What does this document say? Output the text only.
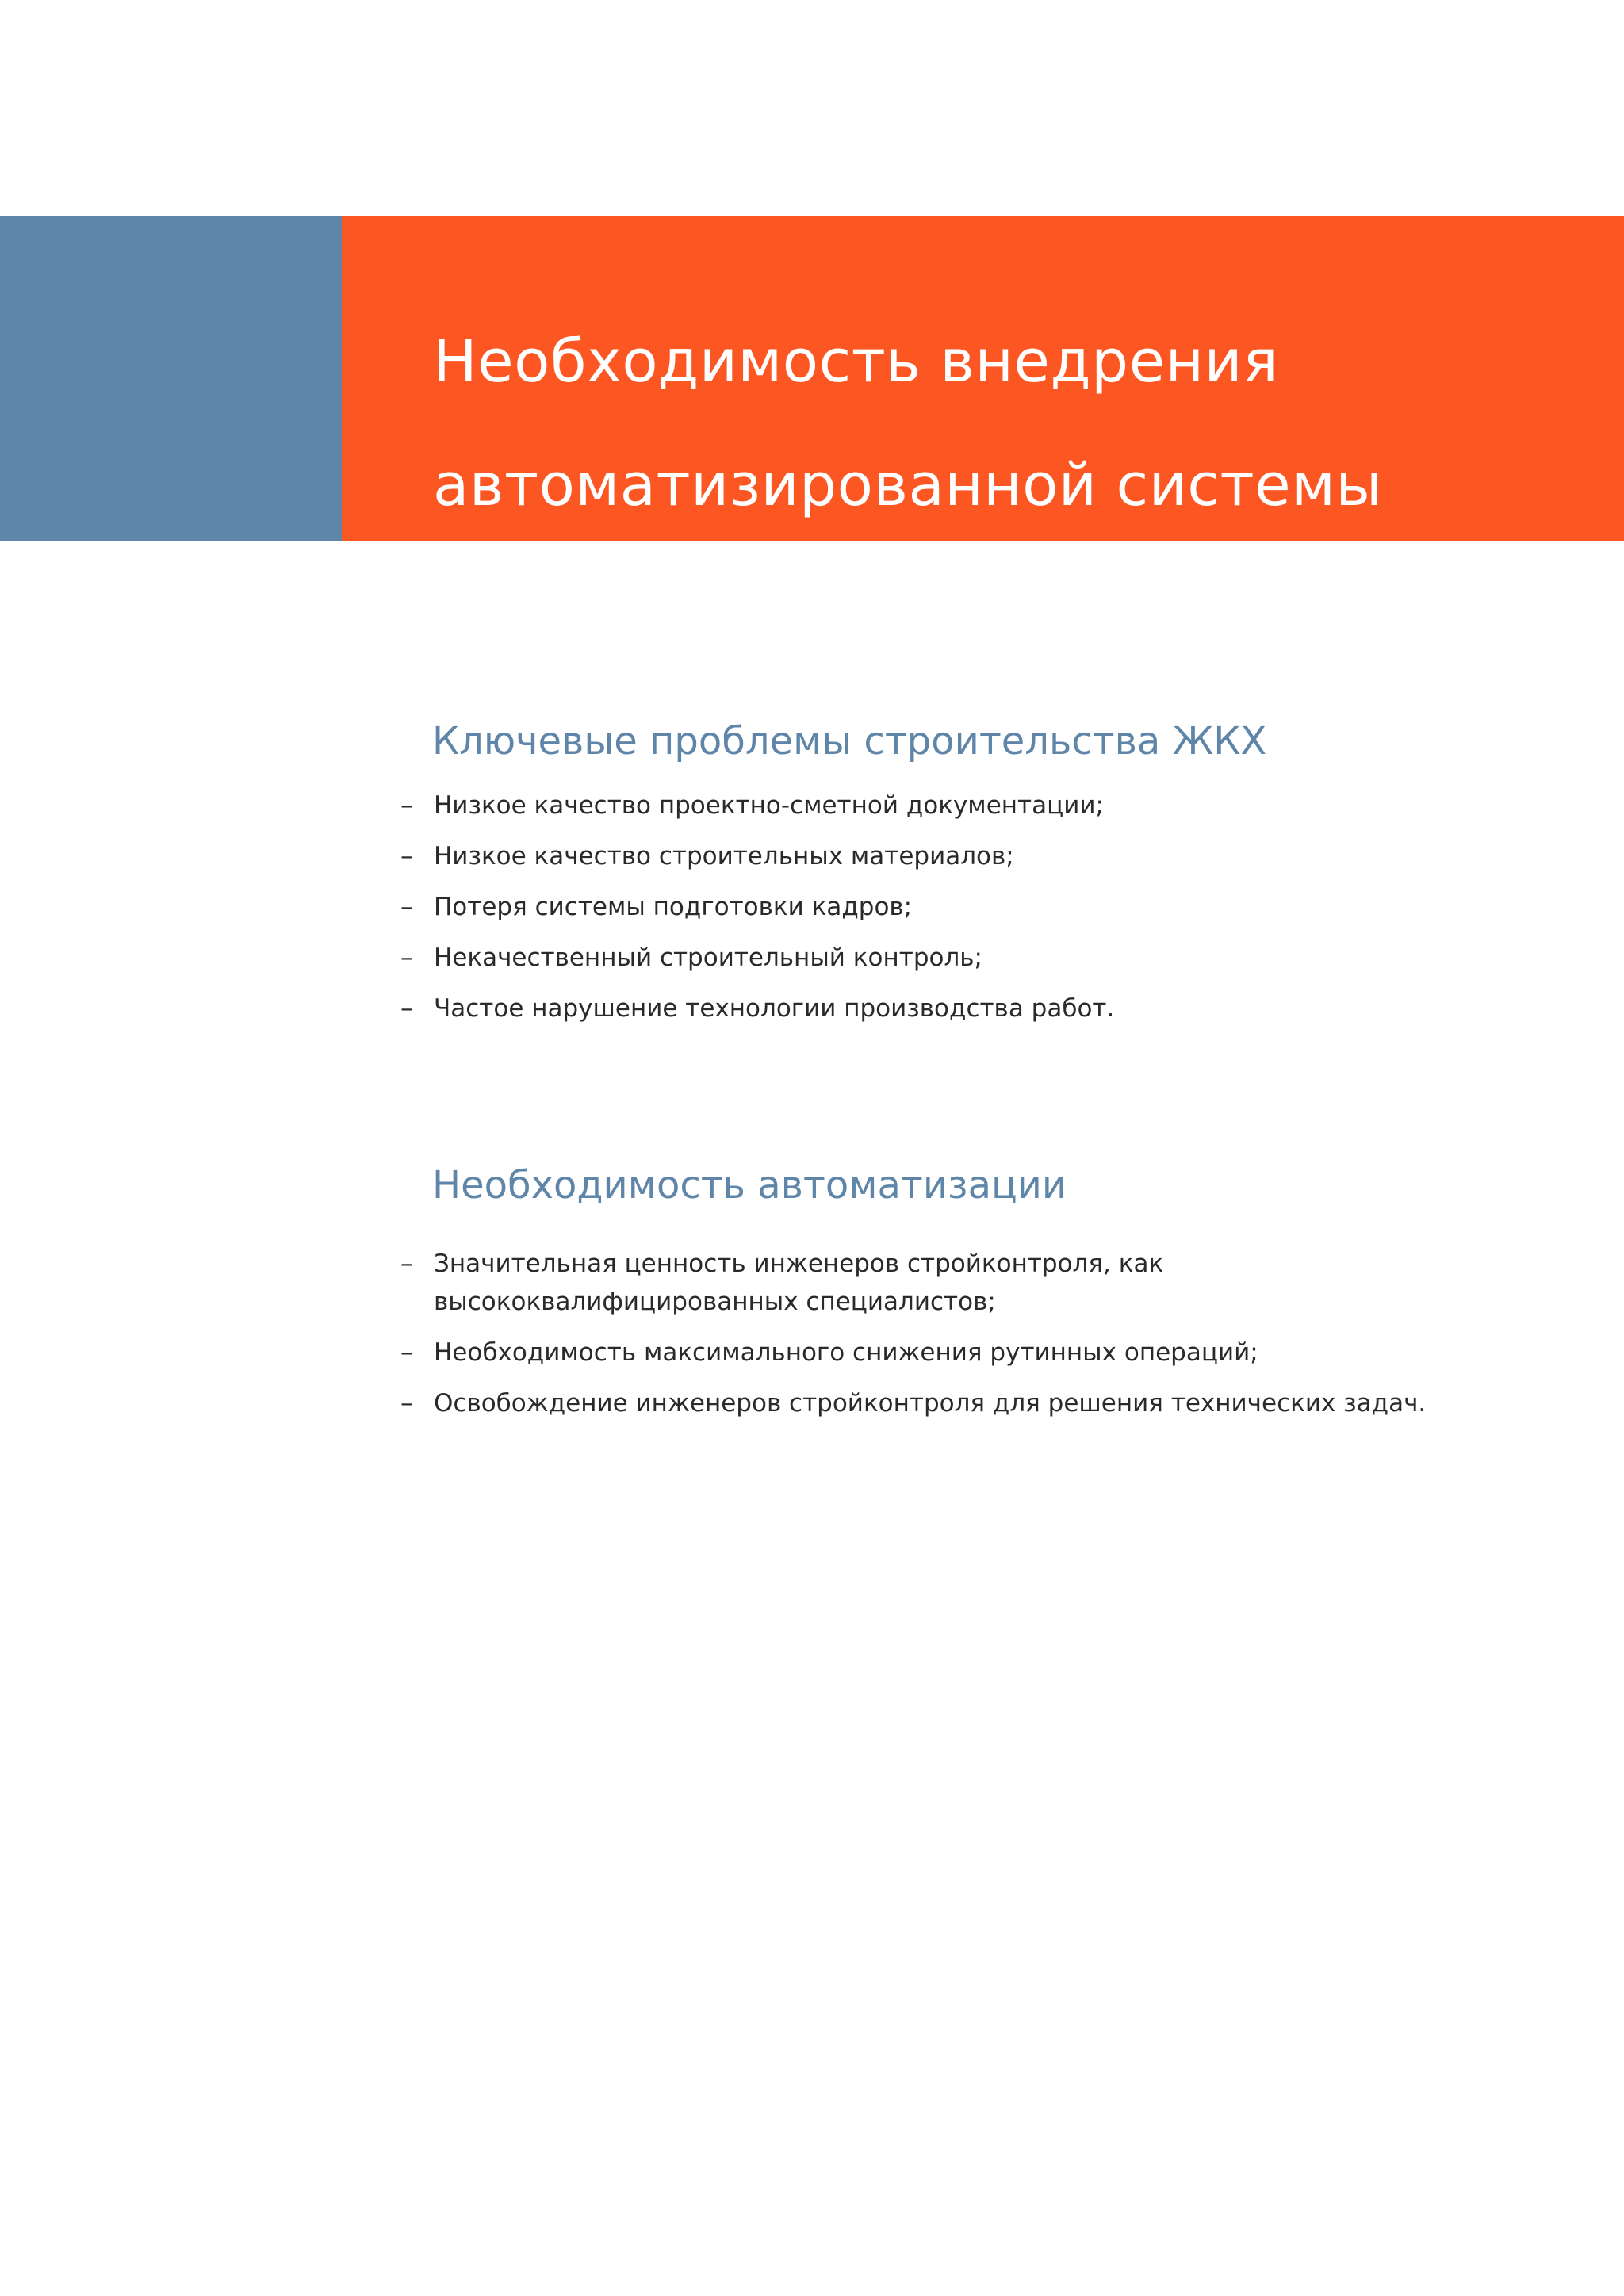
Необходимость внедрения
автоматизированной системы
Ключевые проблемы строительства ЖКХ
– Низкое качество проектно-сметной документации;
– Низкое качество строительных материалов;
– Потеря системы подготовки кадров;
– Некачественный строительный контроль;
– Частое нарушение технологии производства работ.
Необходимость автоматизации
– Значительная ценность инженеров стройконтроля, как высококвалифицированных специалистов;
– Необходимость максимального снижения рутинных операций;
– Освобождение инженеров стройконтроля для решения технических задач.
